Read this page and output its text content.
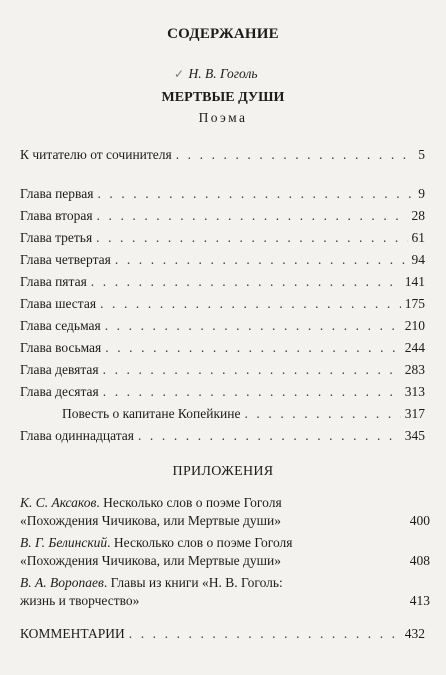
СОДЕРЖАНИЕ
✓ Н. В. Гоголь
МЕРТВЫЕ ДУШИ
Поэма
К читателю от сочинителя . . .	5
Глава первая . . .	9
Глава вторая . . .	28
Глава третья . . .	61
Глава четвертая . . .	94
Глава пятая . . .	141
Глава шестая . . .	175
Глава седьмая . . .	210
Глава восьмая . . .	244
Глава девятая . . .	283
Глава десятая . . .	313
Повесть о капитане Копейкине . . .	317
Глава одиннадцатая . . .	345
ПРИЛОЖЕНИЯ
К. С. Аксаков. Несколько слов о поэме Гоголя
«Похождения Чичикова, или Мертвые души»	400
В. Г. Белинский. Несколько слов о поэме Гоголя
«Похождения Чичикова, или Мертвые души»	408
В. А. Воропаев. Главы из книги «Н. В. Гоголь:
жизнь и творчество»	413
КОММЕНТАРИИ . . .	432
